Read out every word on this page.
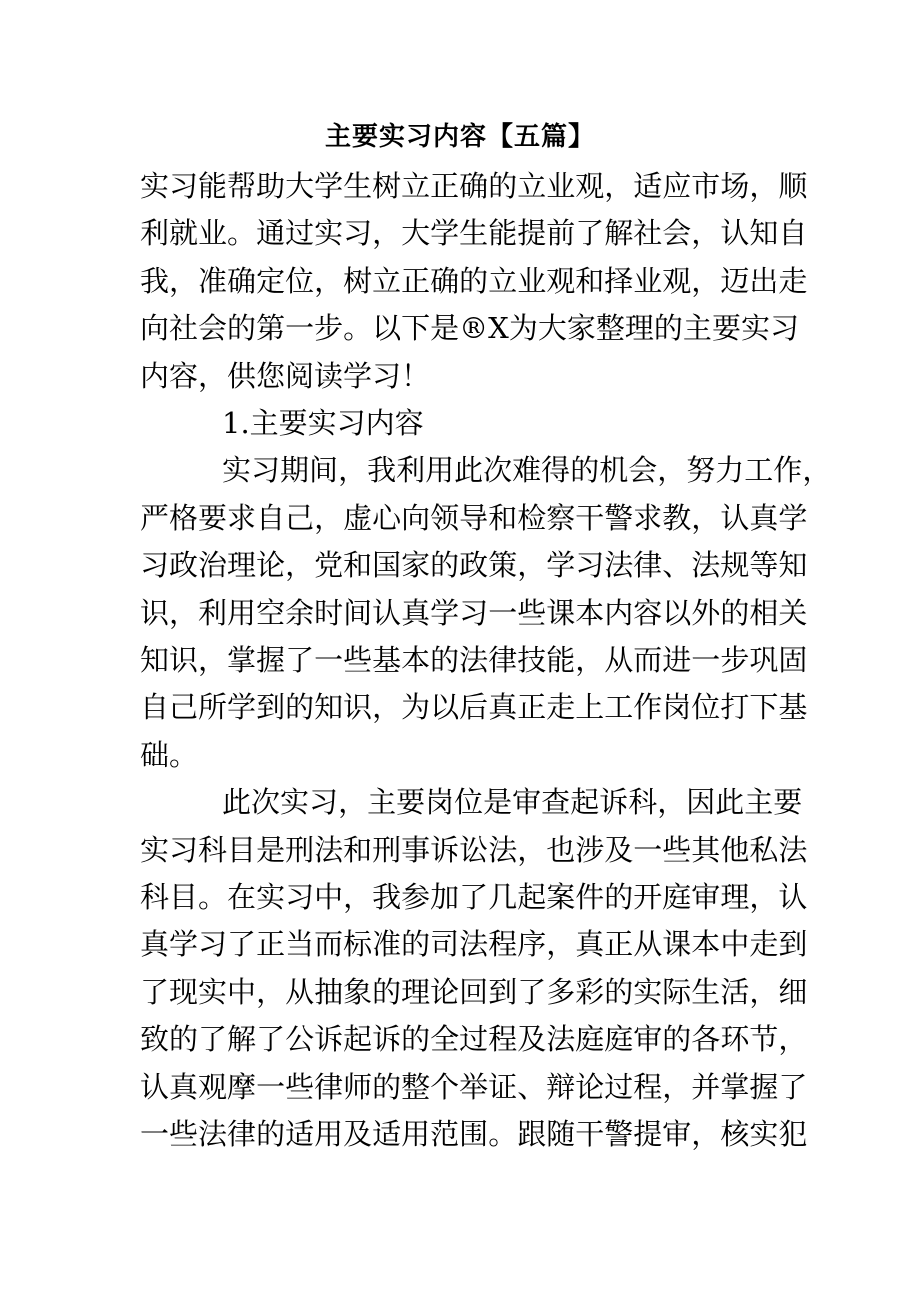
主要实习内容【五篇】
实 习 能 帮 助 大 学 生 树 立 正 确 的 立 业 观 ， 适 应 市 场 ， 顺
利 就 业 。 通 过 实 习 ， 大 学 生 能 提 前 了 解 社 会 ， 认 知 自
我 ， 准 确 定 位 ， 树 立 正 确 的 立 业 观 和 择 业 观 ， 迈 出 走
向 社 会 的 第 一 步 。 以 下 是 ® X 为 大 家 整 理 的 主 要 实 习
内容，供您阅读学习！
1.主要实习内容
实 习 期 间 ， 我 利 用 此 次 难 得 的 机 会 ， 努 力 工 作 ，
严 格 要 求 自 己 ， 虚 心 向 领 导 和 检 察 干 警 求 教 ， 认 真 学
习 政 治 理 论 ， 党 和 国 家 的 政 策 ， 学 习 法 律 、 法 规 等 知
识 ， 利 用 空 余 时 间 认 真 学 习 一 些 课 本 内 容 以 外 的 相 关
知 识 ， 掌 握 了 一 些 基 本 的 法 律 技 能 ， 从 而 进 一 步 巩 固
自 己 所 学 到 的 知 识 ， 为 以 后 真 正 走 上 工 作 岗 位 打 下 基
础。
此 次 实 习 ， 主 要 岗 位 是 审 查 起 诉 科 ， 因 此 主 要
实 习 科 目 是 刑 法 和 刑 事 诉 讼 法 ， 也 涉 及 一 些 其 他 私 法
科 目 。 在 实 习 中 ， 我 参 加 了 几 起 案 件 的 开 庭 审 理 ， 认
真 学 习 了 正 当 而 标 准 的 司 法 程 序 ， 真 正 从 课 本 中 走 到
了 现 实 中 ， 从 抽 象 的 理 论 回 到 了 多 彩 的 实 际 生 活 ， 细
致 的 了 解 了 公 诉 起 诉 的 全 过 程 及 法 庭 庭 审 的 各 环 节 ，
认 真 观 摩 一 些 律 师 的 整 个 举 证 、 辩 论 过 程 ， 并 掌 握 了
一 些 法 律 的 适 用 及 适 用 范 围 。 跟 随 干 警 提 审 ， 核 实 犯
